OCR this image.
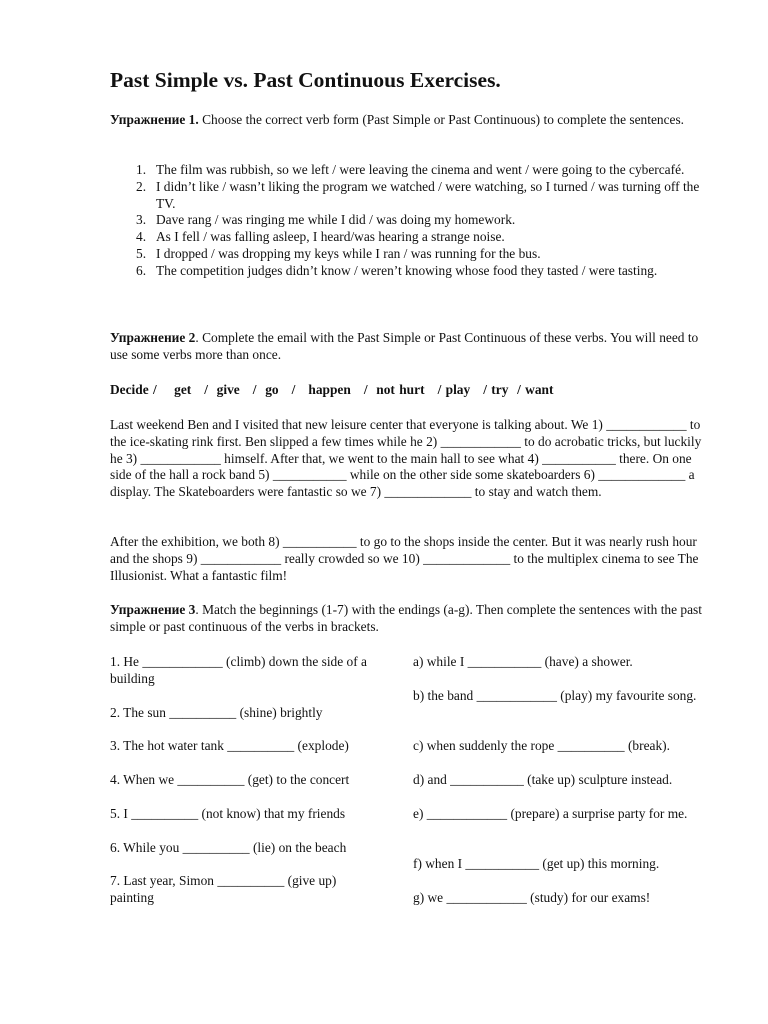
Past Simple vs. Past Continuous Exercises.
Упражнение 1. Choose the correct verb form (Past Simple or Past Continuous) to complete the sentences.
1. The film was rubbish, so we left / were leaving the cinema and went / were going to the cybercafé.
2. I didn’t like / wasn’t liking the program we watched / were watching, so I turned / was turning off the TV.
3. Dave rang / was ringing me while I did / was doing my homework.
4. As I fell / was falling asleep, I heard/was hearing a strange noise.
5. I dropped / was dropping my keys while I ran / was running for the bus.
6. The competition judges didn’t know / weren’t knowing whose food they tasted / were tasting.
Упражнение 2. Complete the email with the Past Simple or Past Continuous of these verbs. You will need to use some verbs more than once.
Decide /    get   /  give   /  go   /   happen   /  not hurt   / play   / try  / want
Last weekend Ben and I visited that new leisure center that everyone is talking about. We 1) ____________ to the ice-skating rink first. Ben slipped a few times while he 2) ____________ to do acrobatic tricks, but luckily he 3) ____________ himself. After that, we went to the main hall to see what 4) ___________ there. On one side of the hall a rock band 5) ___________ while on the other side some skateboarders 6) _____________ a display. The Skateboarders were fantastic so we 7) _____________ to stay and watch them.
After the exhibition, we both 8) ___________ to go to the shops inside the center. But it was nearly rush hour and the shops 9) ____________ really crowded so we 10) _____________ to the multiplex cinema to see The Illusionist. What a fantastic film!
Упражнение 3. Match the beginnings (1-7) with the endings (a-g). Then complete the sentences with the past simple or past continuous of the verbs in brackets.
1. He ____________ (climb) down the side of a building
2. The sun __________ (shine) brightly
3. The hot water tank __________ (explode)
4. When we __________ (get) to the concert
5. I __________ (not know) that my friends
6. While you __________ (lie) on the beach
7. Last year, Simon __________ (give up) painting
a) while I ___________ (have) a shower.
b) the band ____________ (play) my favourite song.
c) when suddenly the rope __________ (break).
d) and ___________ (take up) sculpture instead.
e) ____________ (prepare) a surprise party for me.
f) when I ___________ (get up) this morning.
g) we ____________ (study) for our exams!
